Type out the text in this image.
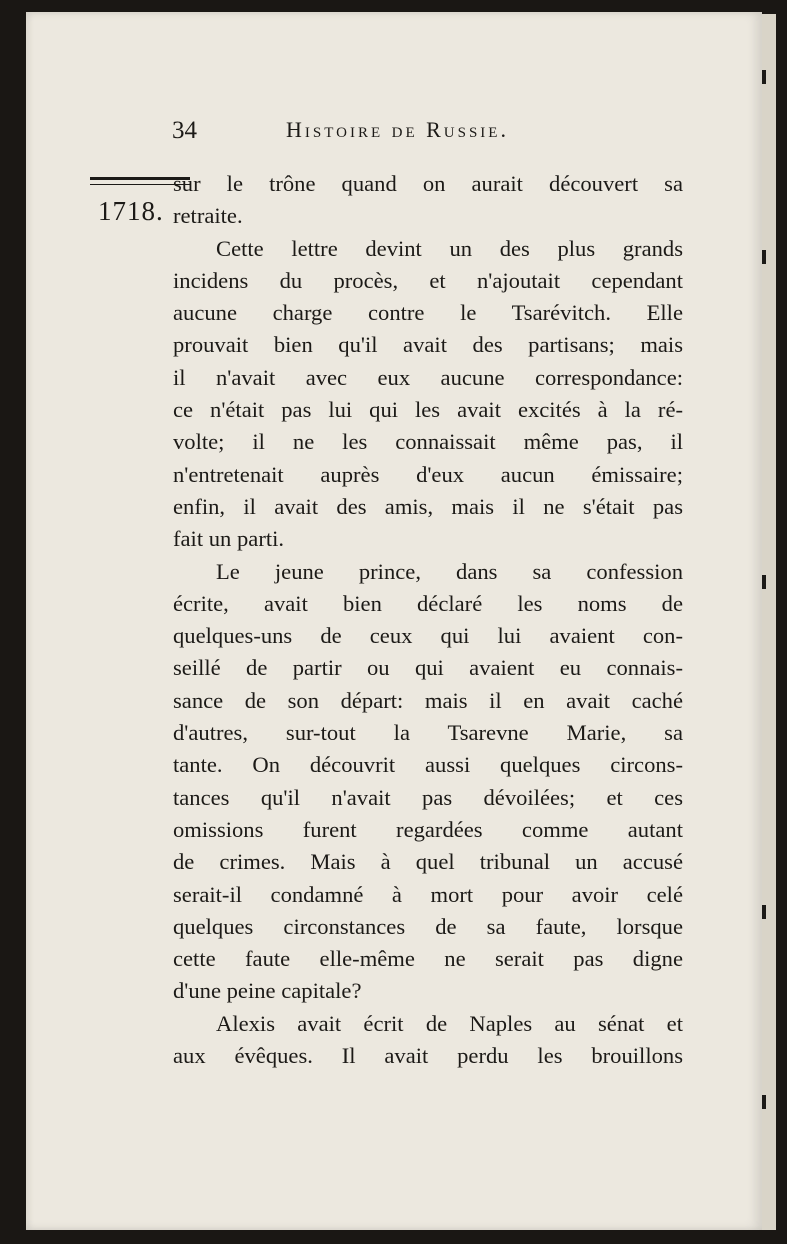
34	Histoire de Russie.
1718.
sur le trône quand on aurait découvert sa
retraite.
Cette lettre devint un des plus grands
incidens du procès, et n'ajoutait cependant
aucune charge contre le Tsarévitch. Elle
prouvait bien qu'il avait des partisans; mais
il n'avait avec eux aucune correspondance:
ce n'était pas lui qui les avait excités à la ré-
volte; il ne les connaissait même pas, il
n'entretenait auprès d'eux aucun émissaire;
enfin, il avait des amis, mais il ne s'était pas
fait un parti.
Le jeune prince, dans sa confession
écrite, avait bien déclaré les noms de
quelques-uns de ceux qui lui avaient con-
seillé de partir ou qui avaient eu connais-
sance de son départ: mais il en avait caché
d'autres, sur-tout la Tsarevne Marie, sa
tante. On découvrit aussi quelques circons-
tances qu'il n'avait pas dévoilées; et ces
omissions furent regardées comme autant
de crimes. Mais à quel tribunal un accusé
serait-il condamné à mort pour avoir celé
quelques circonstances de sa faute, lorsque
cette faute elle-même ne serait pas digne
d'une peine capitale?
Alexis avait écrit de Naples au sénat et
aux évêques. Il avait perdu les brouillons
